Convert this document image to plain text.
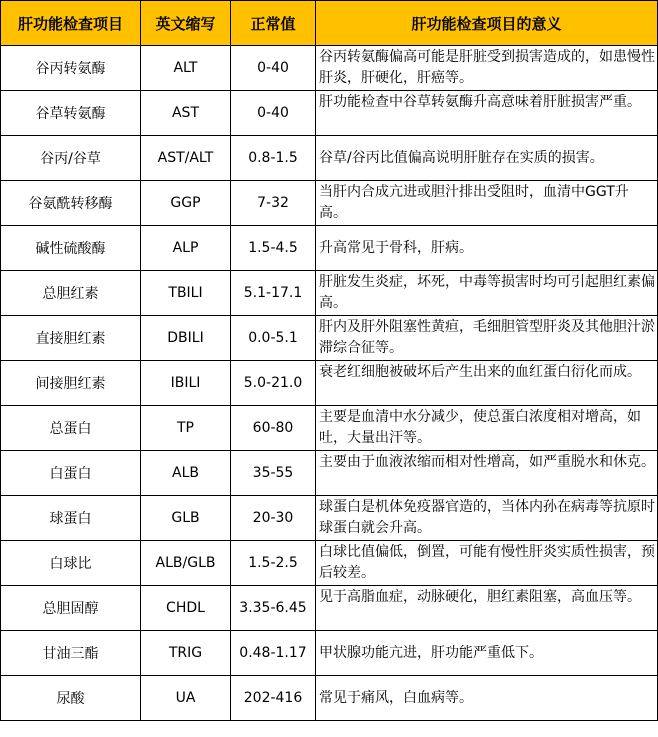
肝功能检查项目	英文缩写	正常值	肝功能检查项目的意义
谷丙转氨酶	ALT	0-40	谷丙转氨酶偏高可能是肝脏受到损害造成的，如患慢性肝炎，肝硬化，肝癌等。
谷草转氨酶	AST	0-40	肝功能检查中谷草转氨酶升高意味着肝脏损害严重。
谷丙/谷草	AST/ALT	0.8-1.5	谷草/谷丙比值偏高说明肝脏存在实质的损害。
谷氨酰转移酶	GGP	7-32	当肝内合成亢进或胆汁排出受阻时，血清中GGT升高。
碱性硫酸酶	ALP	1.5-4.5	升高常见于骨科，肝病。
总胆红素	TBILI	5.1-17.1	肝脏发生炎症，坏死，中毒等损害时均可引起胆红素偏高。
直接胆红素	DBILI	0.0-5.1	肝内及肝外阻塞性黄疸，毛细胆管型肝炎及其他胆汁淤滞综合征等。
间接胆红素	IBILI	5.0-21.0	衰老红细胞被破坏后产生出来的血红蛋白衍化而成。
总蛋白	TP	60-80	主要是血清中水分减少，使总蛋白浓度相对增高，如吐，大量出汗等。
白蛋白	ALB	35-55	主要由于血液浓缩而相对性增高，如严重脱水和休克。
球蛋白	GLB	20-30	球蛋白是机体免疫器官造的，当体内孙在病毒等抗原时球蛋白就会升高。
白球比	ALB/GLB	1.5-2.5	白球比值偏低，倒置，可能有慢性肝炎实质性损害，预后较差。
总胆固醇	CHDL	3.35-6.45	见于高脂血症，动脉硬化，胆红素阻塞，高血压等。
甘油三酯	TRIG	0.48-1.17	甲状腺功能亢进，肝功能严重低下。
尿酸	UA	202-416	常见于痛风，白血病等。
